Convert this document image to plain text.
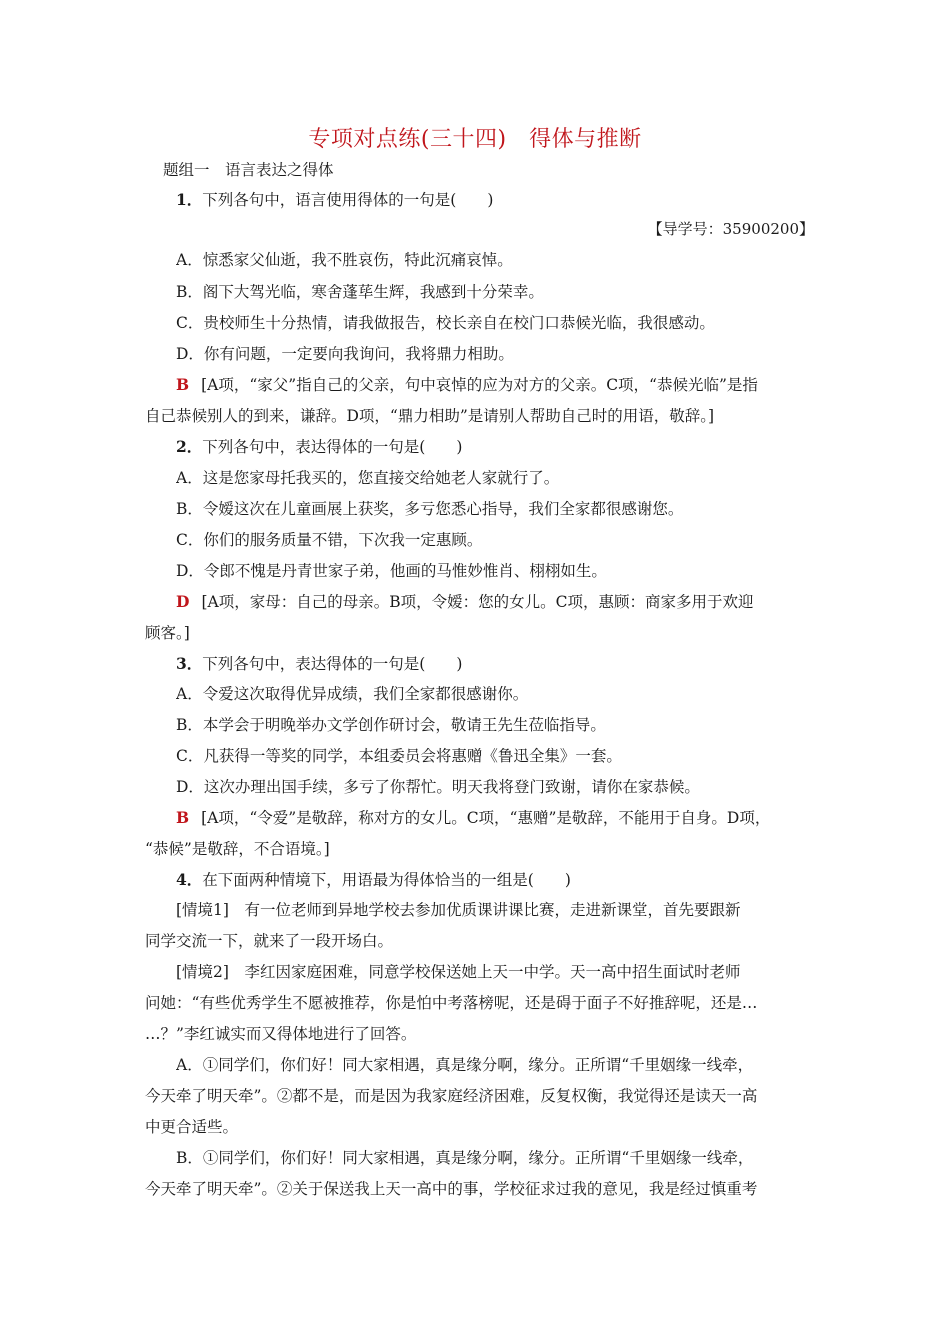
专项对点练(三十四)　得体与推断
题组一　语言表达之得体
1．下列各句中，语言使用得体的一句是(　　)
【导学号：35900200】
A．惊悉家父仙逝，我不胜哀伤，特此沉痛哀悼。
B．阁下大驾光临，寒舍蓬荜生辉，我感到十分荣幸。
C．贵校师生十分热情，请我做报告，校长亲自在校门口恭候光临，我很感动。
D．你有问题，一定要向我询问，我将鼎力相助。
B [A项，“家父”指自己的父亲，句中哀悼的应为对方的父亲。C项，“恭候光临”是指
自己恭候别人的到来，谦辞。D项，“鼎力相助”是请别人帮助自己时的用语，敬辞。]
2．下列各句中，表达得体的一句是(　　)
A．这是您家母托我买的，您直接交给她老人家就行了。
B．令嫒这次在儿童画展上获奖，多亏您悉心指导，我们全家都很感谢您。
C．你们的服务质量不错，下次我一定惠顾。
D．令郎不愧是丹青世家子弟，他画的马惟妙惟肖、栩栩如生。
D [A项，家母：自己的母亲。B项，令嫒：您的女儿。C项，惠顾：商家多用于欢迎
顾客。]
3．下列各句中，表达得体的一句是(　　)
A．令爱这次取得优异成绩，我们全家都很感谢你。
B．本学会于明晚举办文学创作研讨会，敬请王先生莅临指导。
C．凡获得一等奖的同学，本组委员会将惠赠《鲁迅全集》一套。
D．这次办理出国手续，多亏了你帮忙。明天我将登门致谢，请你在家恭候。
B [A项，“令爱”是敬辞，称对方的女儿。C项，“惠赠”是敬辞，不能用于自身。D项，
“恭候”是敬辞，不合语境。]
4．在下面两种情境下，用语最为得体恰当的一组是(　　)
[情境1]　有一位老师到异地学校去参加优质课讲课比赛，走进新课堂，首先要跟新
同学交流一下，就来了一段开场白。
[情境2]　李红因家庭困难，同意学校保送她上天一中学。天一高中招生面试时老师
问她：“有些优秀学生不愿被推荐，你是怕中考落榜呢，还是碍于面子不好推辞呢，还是…
…？”李红诚实而又得体地进行了回答。
A．①同学们，你们好！同大家相遇，真是缘分啊，缘分。正所谓“千里姻缘一线牵，
今天牵了明天牵”。②都不是，而是因为我家庭经济困难，反复权衡，我觉得还是读天一高
中更合适些。
B．①同学们，你们好！同大家相遇，真是缘分啊，缘分。正所谓“千里姻缘一线牵，
今天牵了明天牵”。②关于保送我上天一高中的事，学校征求过我的意见，我是经过慎重考
